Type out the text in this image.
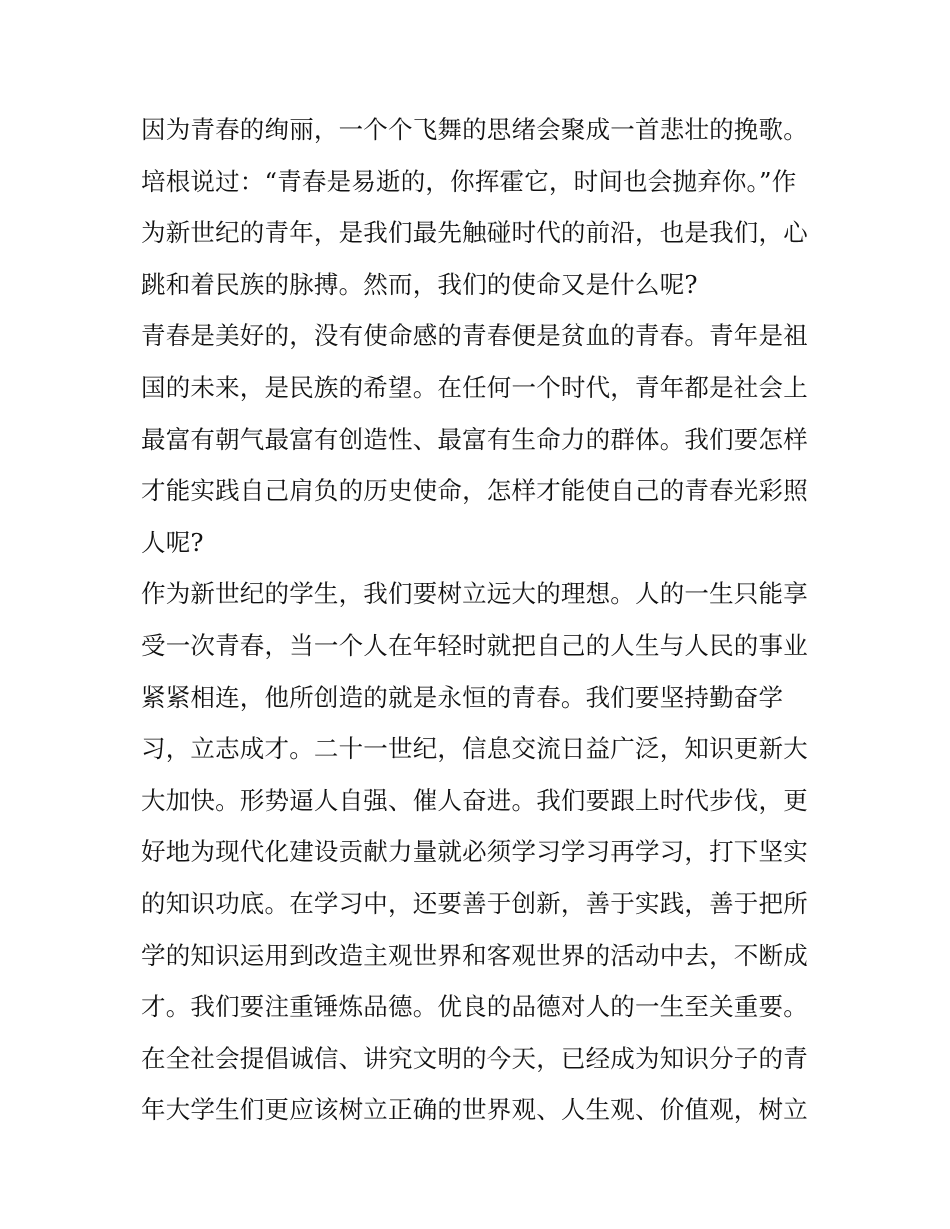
因为青春的绚丽，一个个飞舞的思绪会聚成一首悲壮的挽歌。
培根说过：“青春是易逝的，你挥霍它，时间也会抛弃你。”作
为新世纪的青年，是我们最先触碰时代的前沿，也是我们，心
跳和着民族的脉搏。然而，我们的使命又是什么呢?
青春是美好的，没有使命感的青春便是贫血的青春。青年是祖
国的未来，是民族的希望。在任何一个时代，青年都是社会上
最富有朝气最富有创造性、最富有生命力的群体。我们要怎样
才能实践自己肩负的历史使命，怎样才能使自己的青春光彩照
人呢?
作为新世纪的学生，我们要树立远大的理想。人的一生只能享
受一次青春，当一个人在年轻时就把自己的人生与人民的事业
紧紧相连，他所创造的就是永恒的青春。我们要坚持勤奋学
习，立志成才。二十一世纪，信息交流日益广泛，知识更新大
大加快。形势逼人自强、催人奋进。我们要跟上时代步伐，更
好地为现代化建设贡献力量就必须学习学习再学习，打下坚实
的知识功底。在学习中，还要善于创新，善于实践，善于把所
学的知识运用到改造主观世界和客观世界的活动中去，不断成
才。我们要注重锤炼品德。优良的品德对人的一生至关重要。
在全社会提倡诚信、讲究文明的今天，已经成为知识分子的青
年大学生们更应该树立正确的世界观、人生观、价值观，树立
